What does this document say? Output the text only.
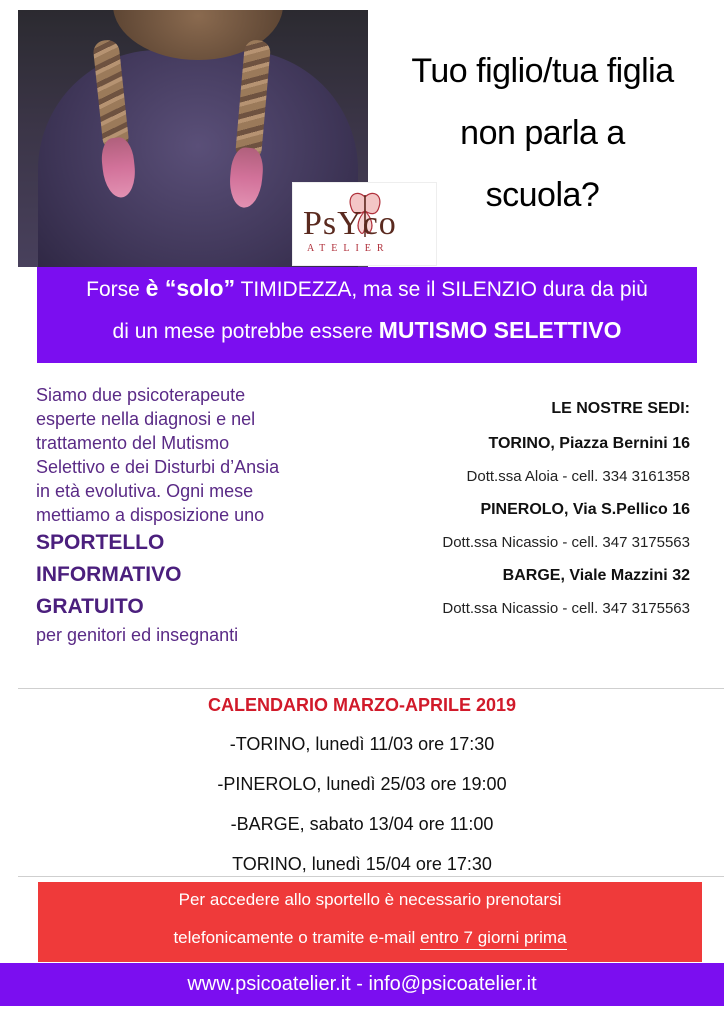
PsYco
ATELIER
Tuo figlio/tua figlia
non parla a
scuola?
Forse è “solo” TIMIDEZZA, ma se il SILENZIO dura da più
di un mese potrebbe essere MUTISMO SELETTIVO
Siamo due psicoterapeute
esperte nella diagnosi e nel
trattamento del Mutismo
Selettivo e dei Disturbi d’Ansia
in età evolutiva. Ogni mese
mettiamo a disposizione uno
SPORTELLO
INFORMATIVO
GRATUITO
per genitori ed insegnanti
LE NOSTRE SEDI:
TORINO, Piazza Bernini 16
Dott.ssa Aloia - cell. 334 3161358
PINEROLO, Via S.Pellico 16
Dott.ssa Nicassio - cell. 347 3175563
BARGE, Viale Mazzini 32
Dott.ssa Nicassio - cell. 347 3175563
CALENDARIO MARZO-APRILE 2019
-TORINO, lunedì 11/03 ore 17:30
-PINEROLO, lunedì 25/03 ore 19:00
-BARGE, sabato 13/04 ore 11:00
TORINO, lunedì 15/04 ore 17:30
Per accedere allo sportello è necessario prenotarsi
telefonicamente o tramite e-mail entro 7 giorni prima
www.psicoatelier.it - info@psicoatelier.it
